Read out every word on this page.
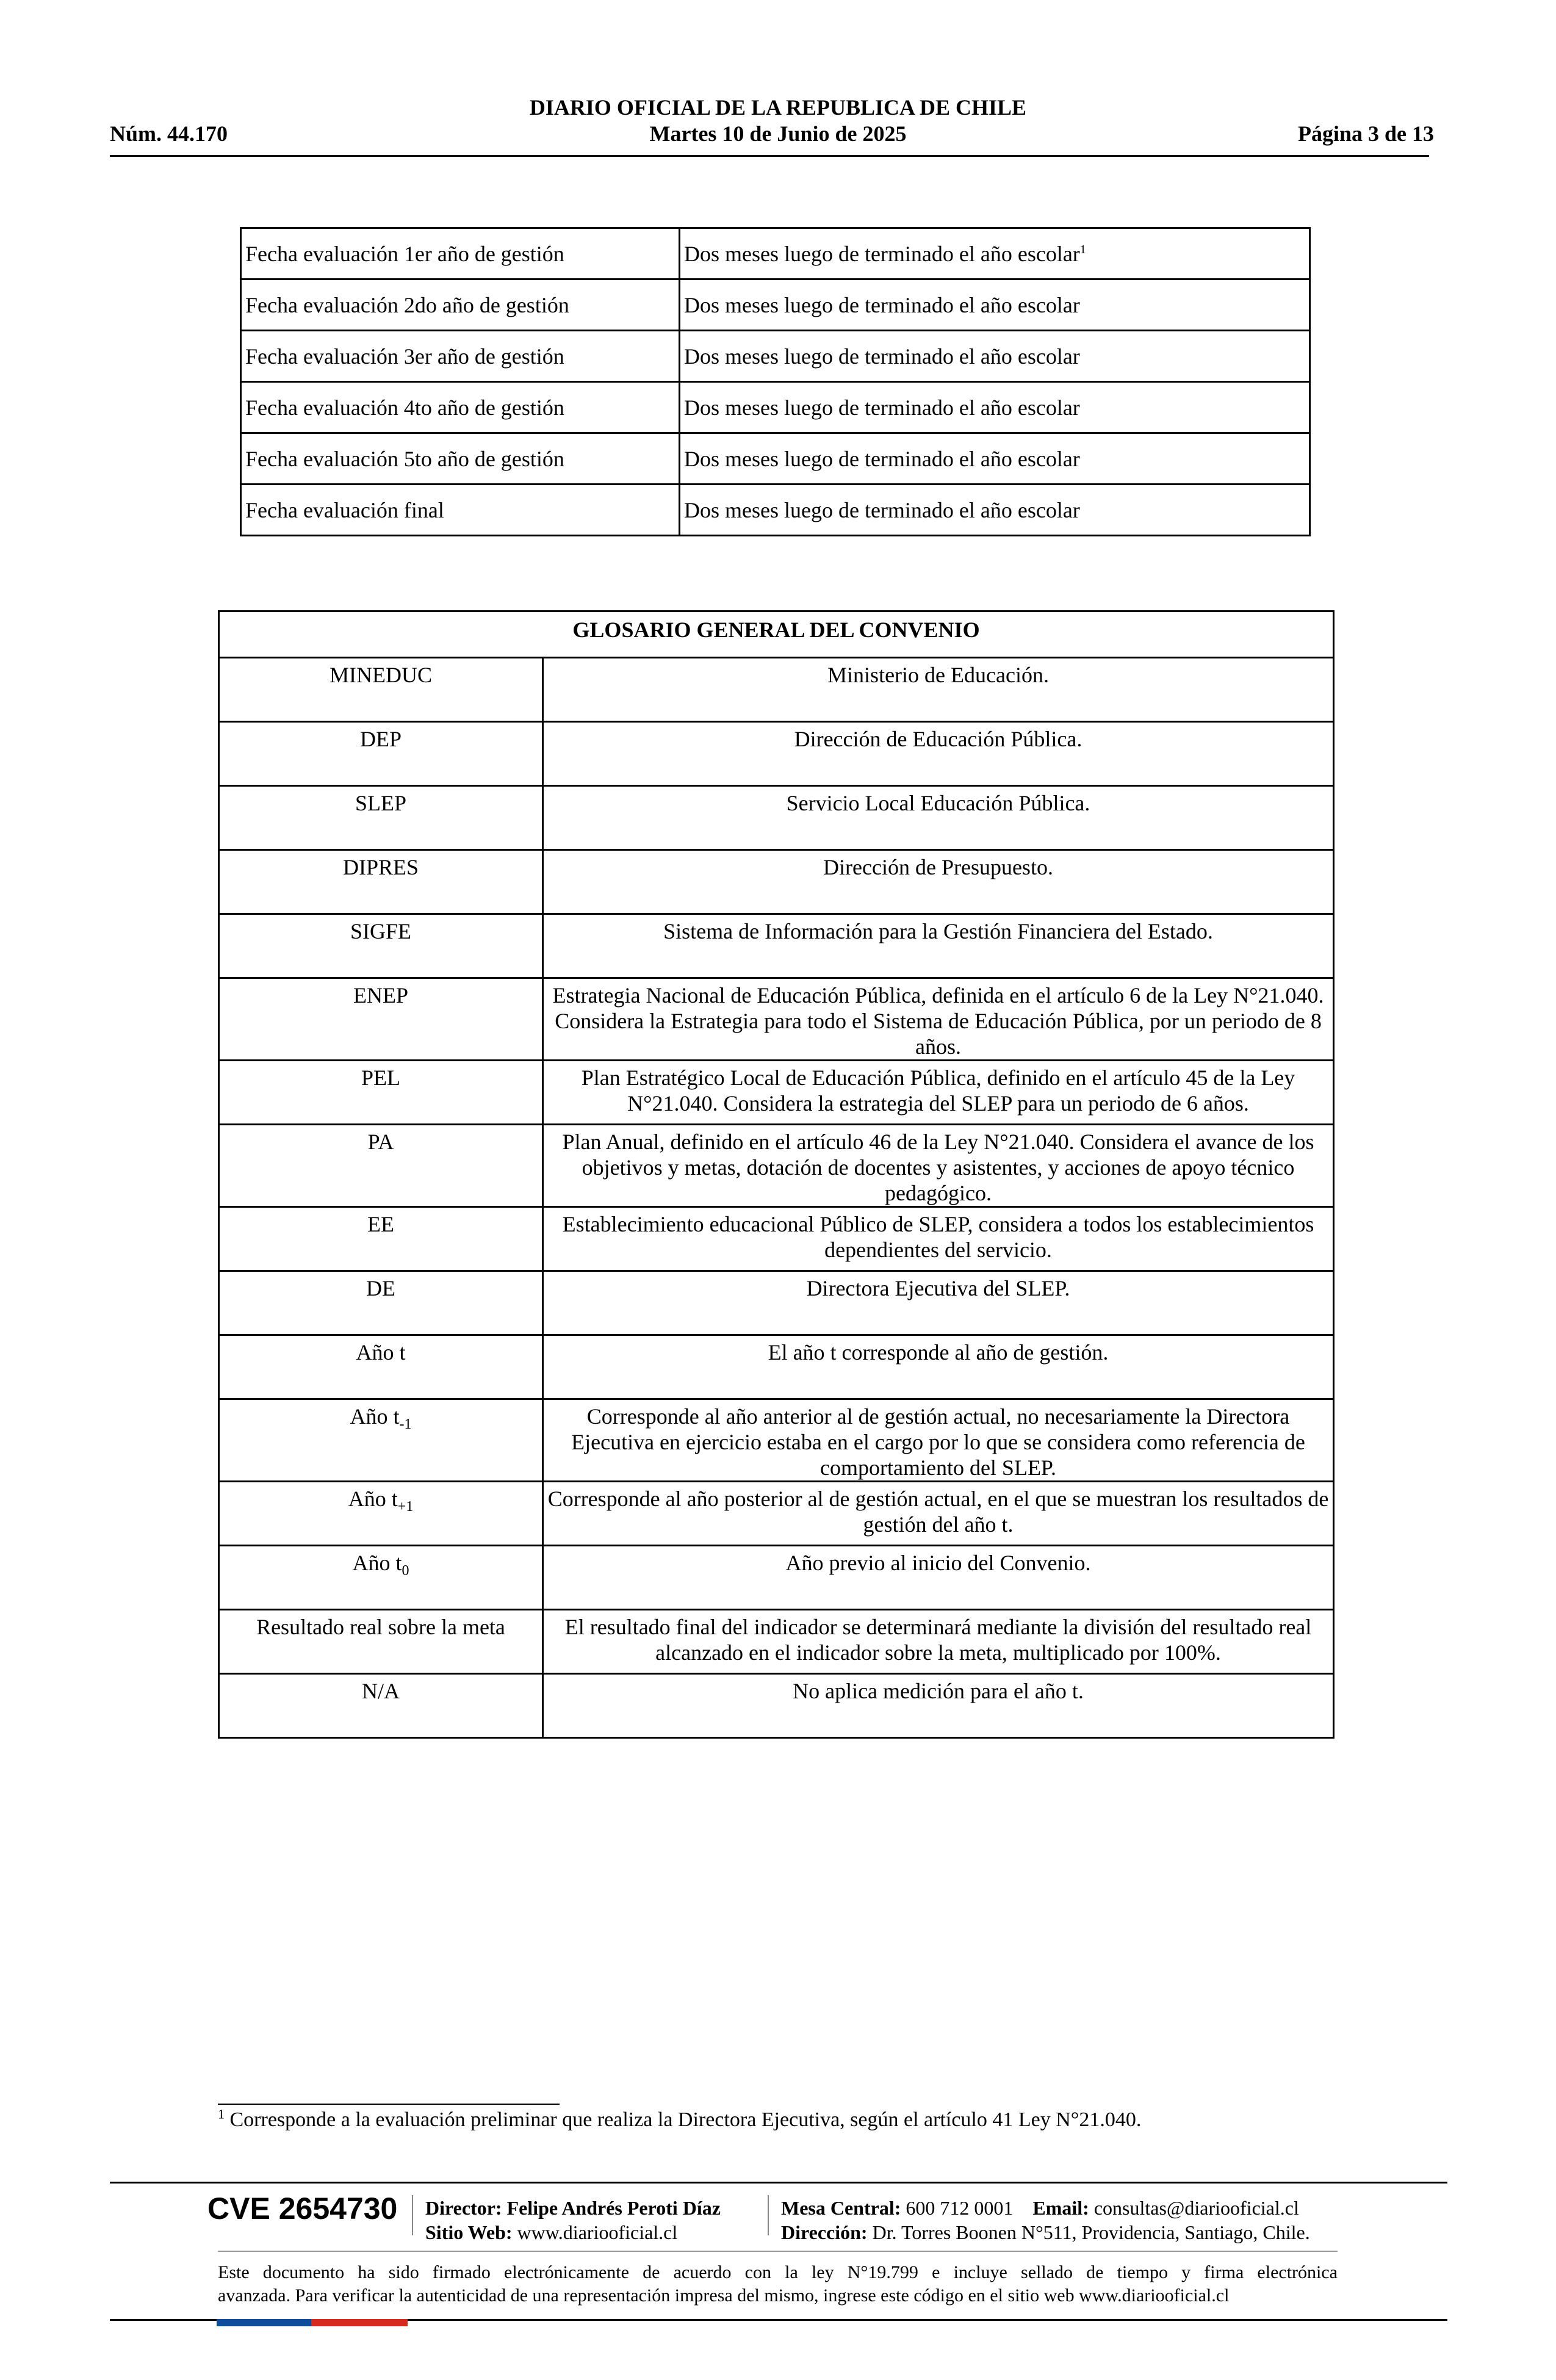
DIARIO OFICIAL DE LA REPUBLICA DE CHILE
Núm. 44.170	Martes 10 de Junio de 2025	Página 3 de 13
Fecha evaluación 1er año de gestión	Dos meses luego de terminado el año escolar$^1$
Fecha evaluación 2do año de gestión	Dos meses luego de terminado el año escolar
Fecha evaluación 3er año de gestión	Dos meses luego de terminado el año escolar
Fecha evaluación 4to año de gestión	Dos meses luego de terminado el año escolar
Fecha evaluación 5to año de gestión	Dos meses luego de terminado el año escolar
Fecha evaluación final	Dos meses luego de terminado el año escolar
GLOSARIO GENERAL DEL CONVENIO	
MINEDUC	Ministerio de Educación.
DEP	Dirección de Educación Pública.
SLEP	Servicio Local Educación Pública.
DIPRES	Dirección de Presupuesto.
SIGFE	Sistema de Información para la Gestión Financiera del Estado.
ENEP	Estrategia Nacional de Educación Pública, definida en el artículo 6 de la Ley N°21.040. Considera la Estrategia para todo el Sistema de Educación Pública, por un periodo de 8 años.
PEL	Plan Estratégico Local de Educación Pública, definido en el artículo 45 de la Ley N°21.040. Considera la estrategia del SLEP para un periodo de 6 años.
PA	Plan Anual, definido en el artículo 46 de la Ley N°21.040. Considera el avance de los objetivos y metas, dotación de docentes y asistentes, y acciones de apoyo técnico pedagógico.
EE	Establecimiento educacional Público de SLEP, considera a todos los establecimientos dependientes del servicio.
DE	Directora Ejecutiva del SLEP.
Año t	El año t corresponde al año de gestión.
Año $t_{-1}$	Corresponde al año anterior al de gestión actual, no necesariamente la Directora Ejecutiva en ejercicio estaba en el cargo por lo que se considera como referencia de comportamiento del SLEP.
Año $t_{+1}$	Corresponde al año posterior al de gestión actual, en el que se muestran los resultados de gestión del año t.
Año $t_0$	Año previo al inicio del Convenio.
Resultado real sobre la meta	El resultado final del indicador se determinará mediante la división del resultado real alcanzado en el indicador sobre la meta, multiplicado por 100%.
N/A	No aplica medición para el año t.
$^1$ Corresponde a la evaluación preliminar que realiza la Directora Ejecutiva, según el artículo 41 Ley N°21.040.
CVE 2654730 Director: Felipe Andrés Peroti Díaz
Sitio Web: www.diariooficial.cl
Mesa Central: 600 712 0001 Email: consultas@diariooficial.cl
Dirección: Dr. Torres Boonen N°511, Providencia, Santiago, Chile.
Este documento ha sido firmado electrónicamente de acuerdo con la ley N°19.799 e incluye sellado de tiempo y firma electrónica
avanzada. Para verificar la autenticidad de una representación impresa del mismo, ingrese este código en el sitio web www.diariooficial.cl
